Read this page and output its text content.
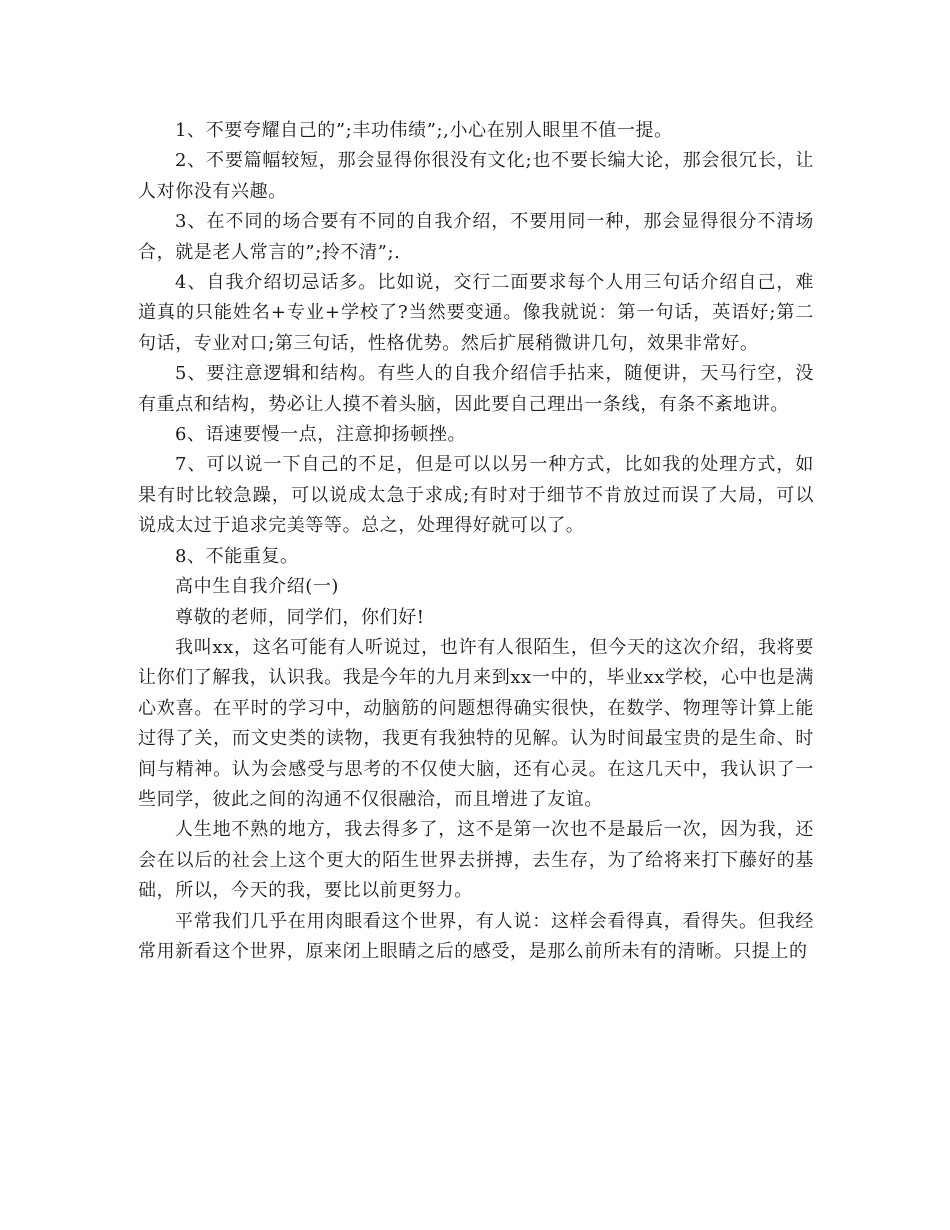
1、不要夸耀自己的”;丰功伟绩”;,小心在别人眼里不值一提。

2、不要篇幅较短，那会显得你很没有文化;也不要长编大论，那会很冗长，让人对你没有兴趣。

3、在不同的场合要有不同的自我介绍，不要用同一种，那会显得很分不清场合，就是老人常言的”;拎不清”;.

4、自我介绍切忌话多。比如说，交行二面要求每个人用三句话介绍自己，难道真的只能姓名+专业+学校了?当然要变通。像我就说：第一句话，英语好;第二句话，专业对口;第三句话，性格优势。然后扩展稍微讲几句，效果非常好。

5、要注意逻辑和结构。有些人的自我介绍信手拈来，随便讲，天马行空，没有重点和结构，势必让人摸不着头脑，因此要自己理出一条线，有条不紊地讲。

6、语速要慢一点，注意抑扬顿挫。

7、可以说一下自己的不足，但是可以以另一种方式，比如我的处理方式，如果有时比较急躁，可以说成太急于求成;有时对于细节不肯放过而误了大局，可以说成太过于追求完美等等。总之，处理得好就可以了。

8、不能重复。

高中生自我介绍(一)

尊敬的老师，同学们，你们好!

我叫xx，这名可能有人听说过，也许有人很陌生，但今天的这次介绍，我将要让你们了解我，认识我。我是今年的九月来到xx一中的，毕业xx学校，心中也是满心欢喜。在平时的学习中，动脑筋的问题想得确实很快，在数学、物理等计算上能过得了关，而文史类的读物，我更有我独特的见解。认为时间最宝贵的是生命、时间与精神。认为会感受与思考的不仅使大脑，还有心灵。在这几天中，我认识了一些同学，彼此之间的沟通不仅很融洽，而且增进了友谊。

人生地不熟的地方，我去得多了，这不是第一次也不是最后一次，因为我，还会在以后的社会上这个更大的陌生世界去拼搏，去生存，为了给将来打下藤好的基础，所以，今天的我，要比以前更努力。

平常我们几乎在用肉眼看这个世界，有人说：这样会看得真，看得失。但我经常用新看这个世界，原来闭上眼睛之后的感受，是那么前所未有的清晰。只提上的
